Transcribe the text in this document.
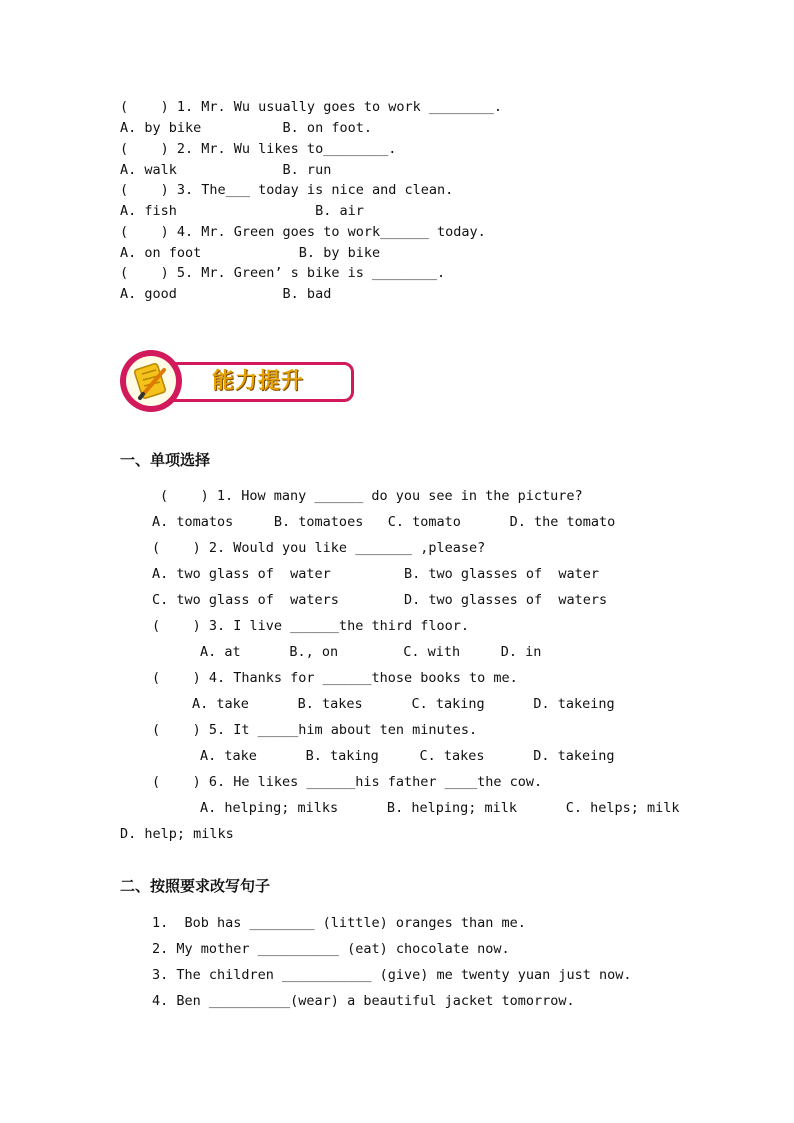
(    ) 1. Mr. Wu usually goes to work ________.
A. by bike          B. on foot.
(    ) 2. Mr. Wu likes to________.
A. walk             B. run
(    ) 3. The___ today is nice and clean.
A. fish                 B. air
(    ) 4. Mr. Green goes to work______ today.
A. on foot            B. by bike
(    ) 5. Mr. Green’ s bike is ________.
A. good             B. bad
能力提升
一、单项选择
(    ) 1. How many ______ do you see in the picture?
A. tomatos     B. tomatoes   C. tomato      D. the tomato
(    ) 2. Would you like _______ ,please?
A. two glass of  water         B. two glasses of  water
C. two glass of  waters        D. two glasses of  waters
(    ) 3. I live ______the third floor.
A. at      B., on        C. with     D. in
(    ) 4. Thanks for ______those books to me.
A. take      B. takes      C. taking      D. takeing
(    ) 5. It _____him about ten minutes.
A. take      B. taking     C. takes      D. takeing
(    ) 6. He likes ______his father ____the cow.
A. helping; milks      B. helping; milk      C. helps; milk
D. help; milks
二、按照要求改写句子
1.  Bob has ________ (little) oranges than me.
2. My mother __________ (eat) chocolate now.
3. The children ___________ (give) me twenty yuan just now.
4. Ben __________(wear) a beautiful jacket tomorrow.
